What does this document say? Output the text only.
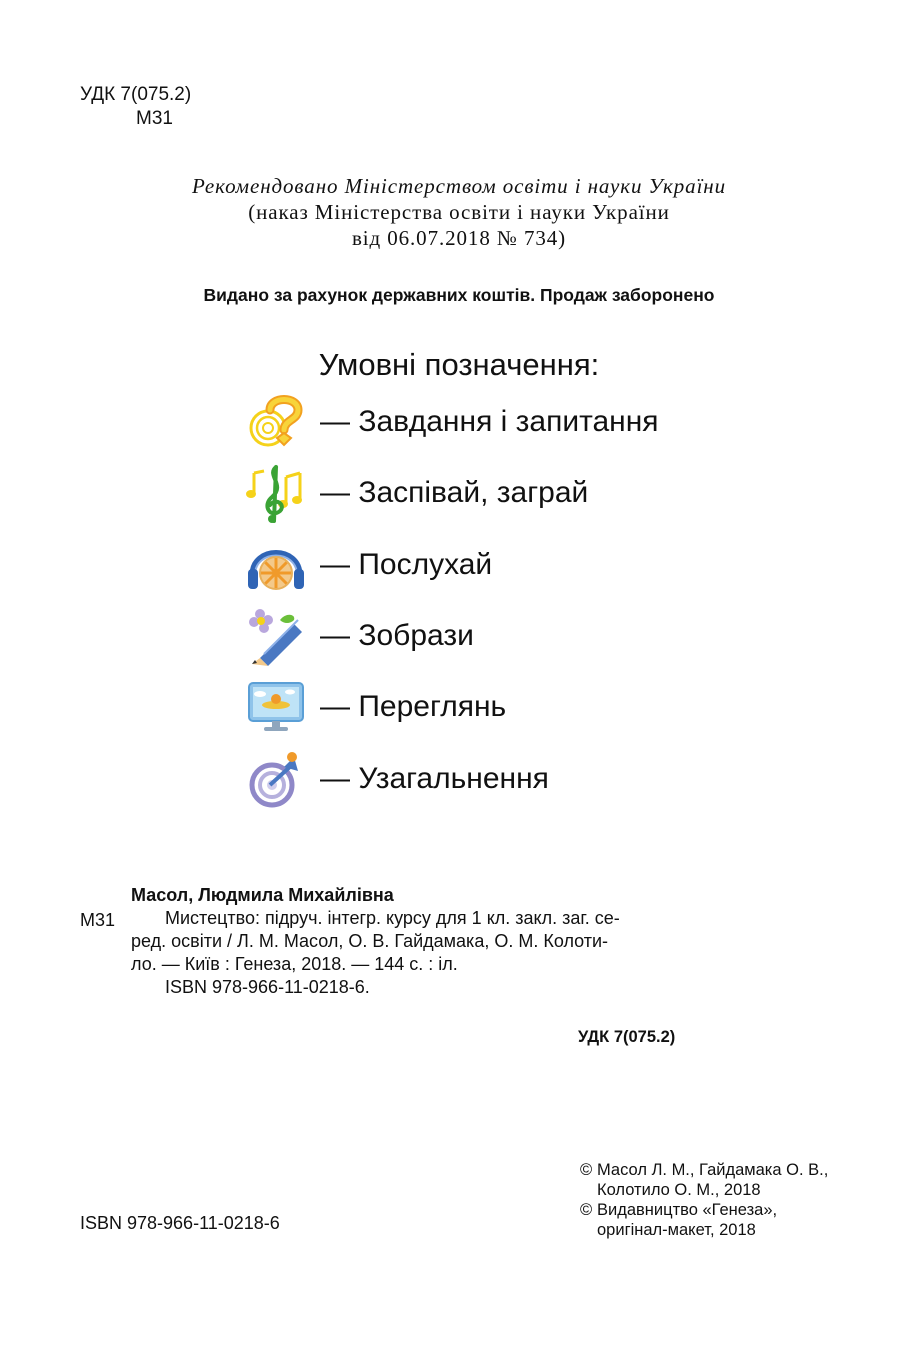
УДК 7(075.2)
М31
Рекомендовано Міністерством освіти і науки України
(наказ Міністерства освіти і науки України
від 06.07.2018 № 734)
Видано за рахунок державних коштів. Продаж заборонено
Умовні позначення:
— Завдання і запитання
— Заспівай, заграй
— Послухай
— Зобрази
— Переглянь
— Узагальнення
Масол, Людмила Михайлівна
М31	Мистецтво: підруч. інтегр. курсу для 1 кл. закл. заг. се-
ред. освіти / Л. М. Масол, О. В. Гайдамака, О. М. Колоти-
ло. — Київ : Генеза, 2018. — 144 с. : іл.
ISBN 978-966-11-0218-6.
УДК 7(075.2)
© Масол Л. М., Гайдамака О. В.,
Колотило О. М., 2018
© Видавництво «Генеза»,
оригінал-макет, 2018
ISBN 978-966-11-0218-6
